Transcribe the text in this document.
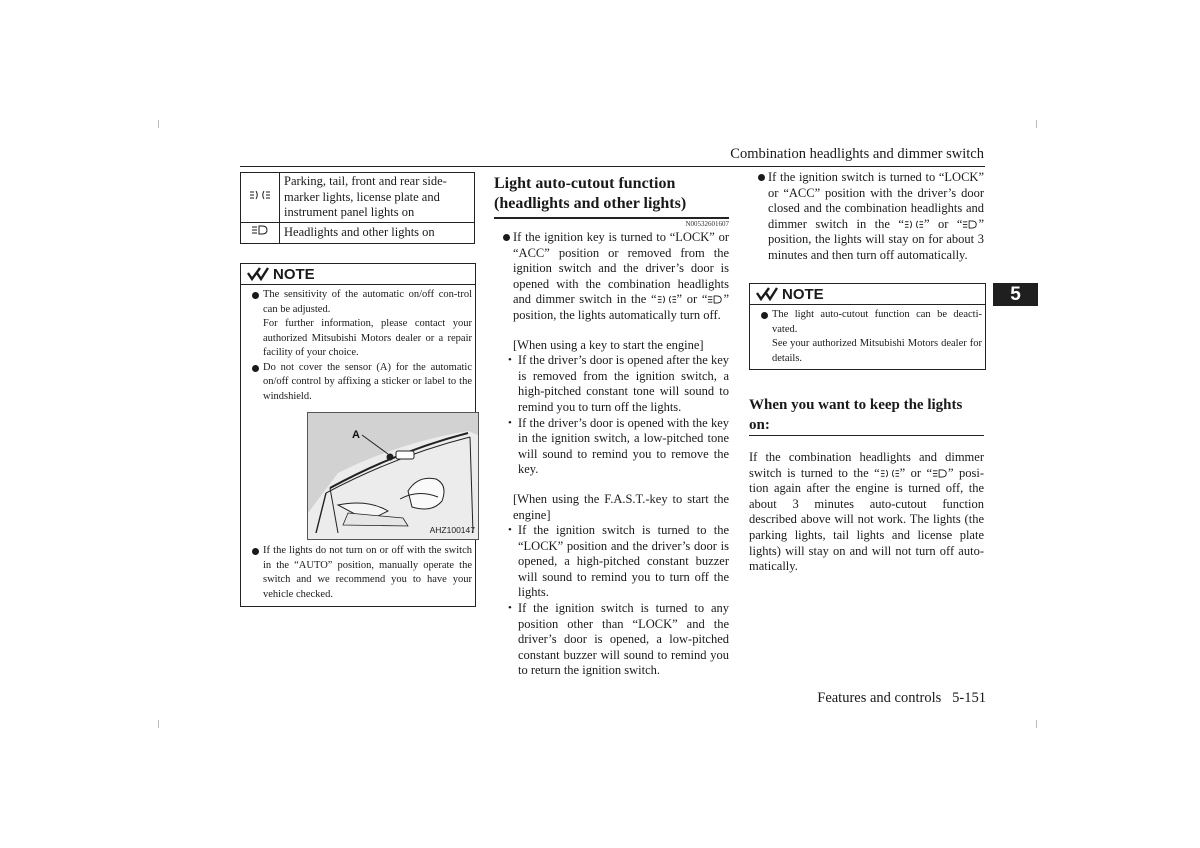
Combination headlights and dimmer switch
5
	Parking, tail, front and rear side-marker lights, license plate and instrument panel lights on
	Headlights and other lights on
NOTE
The sensitivity of the automatic on/off con-trol can be adjusted.
For further information, please contact your authorized Mitsubishi Motors dealer or a repair facility of your choice.
Do not cover the sensor (A) for the automatic on/off control by affixing a sticker or label to the windshield.
A
AHZ100147
If the lights do not turn on or off with the switch in the “AUTO” position, manually operate the switch and we recommend you to have your vehicle checked.
Light auto-cutout function (headlights and other lights)
N00532601607

If the ignition key is turned to “LOCK” or “ACC” position or removed from the ignition switch and the driver’s door is opened with the combination headlights and dimmer switch in the “ ” or “ ” position, the lights automatically turn off.

[When using a key to start the engine]

• If the driver’s door is opened after the key is removed from the ignition switch, a high-pitched constant tone will sound to remind you to turn off the lights.

• If the driver’s door is opened with the key in the ignition switch, a low-pitched tone will sound to remind you to remove the key.

[When using the F.A.S.T.-key to start the engine]

• If the ignition switch is turned to the “LOCK” position and the driver’s door is opened, a high-pitched constant buzzer will sound to remind you to turn off the lights.

• If the ignition switch is turned to any position other than “LOCK” and the driver’s door is opened, a low-pitched constant buzzer will sound to remind you to return the ignition switch.

If the ignition switch is turned to “LOCK” or “ACC” position with the driver’s door closed and the combination headlights and dimmer switch in the “ ” or “ ” position, the lights will stay on for about 3 minutes and then turn off automatically.

NOTE
The light auto-cutout function can be deacti-vated.
See your authorized Mitsubishi Motors dealer for details.
When you want to keep the lights on:

If the combination headlights and dimmer switch is turned to the “ ” or “ ” posi-tion again after the engine is turned off, the about 3 minutes auto-cutout function described above will not work. The lights (the parking lights, tail lights and license plate lights) will stay on and will not turn off auto-matically.

Features and controls 5-151
